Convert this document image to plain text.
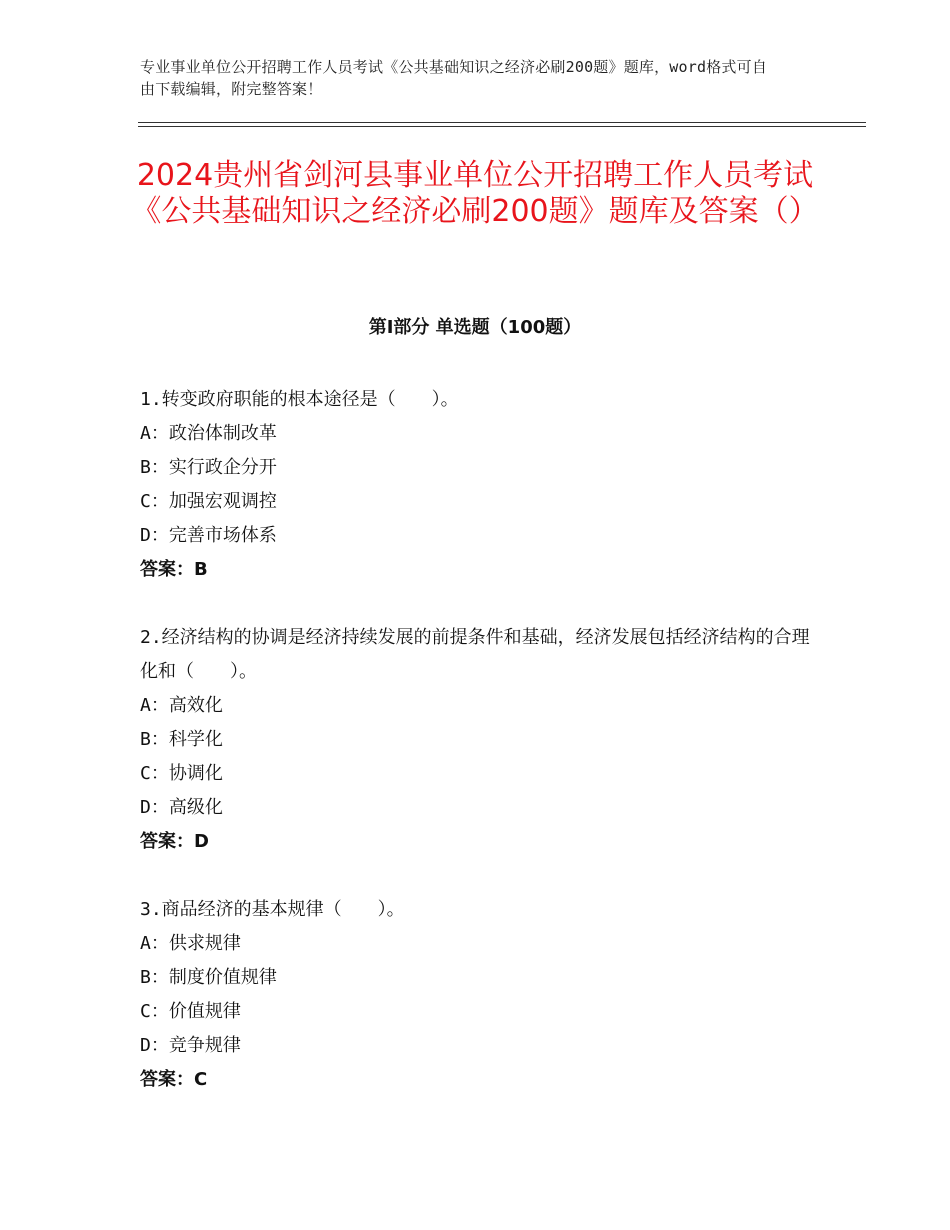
专业事业单位公开招聘工作人员考试《公共基础知识之经济必刷200题》题库，word格式可自由下载编辑，附完整答案！
2024贵州省剑河县事业单位公开招聘工作人员考试《公共基础知识之经济必刷200题》题库及答案（）
第Ⅰ部分 单选题（100题）

1.转变政府职能的根本途径是（　　）。

A：政治体制改革

B：实行政企分开

C：加强宏观调控

D：完善市场体系

答案：B

2.经济结构的协调是经济持续发展的前提条件和基础，经济发展包括经济结构的合理化和（　　）。

A：高效化

B：科学化

C：协调化

D：高级化

答案：D

3.商品经济的基本规律（　　）。

A：供求规律

B：制度价值规律

C：价值规律

D：竞争规律

答案：C
